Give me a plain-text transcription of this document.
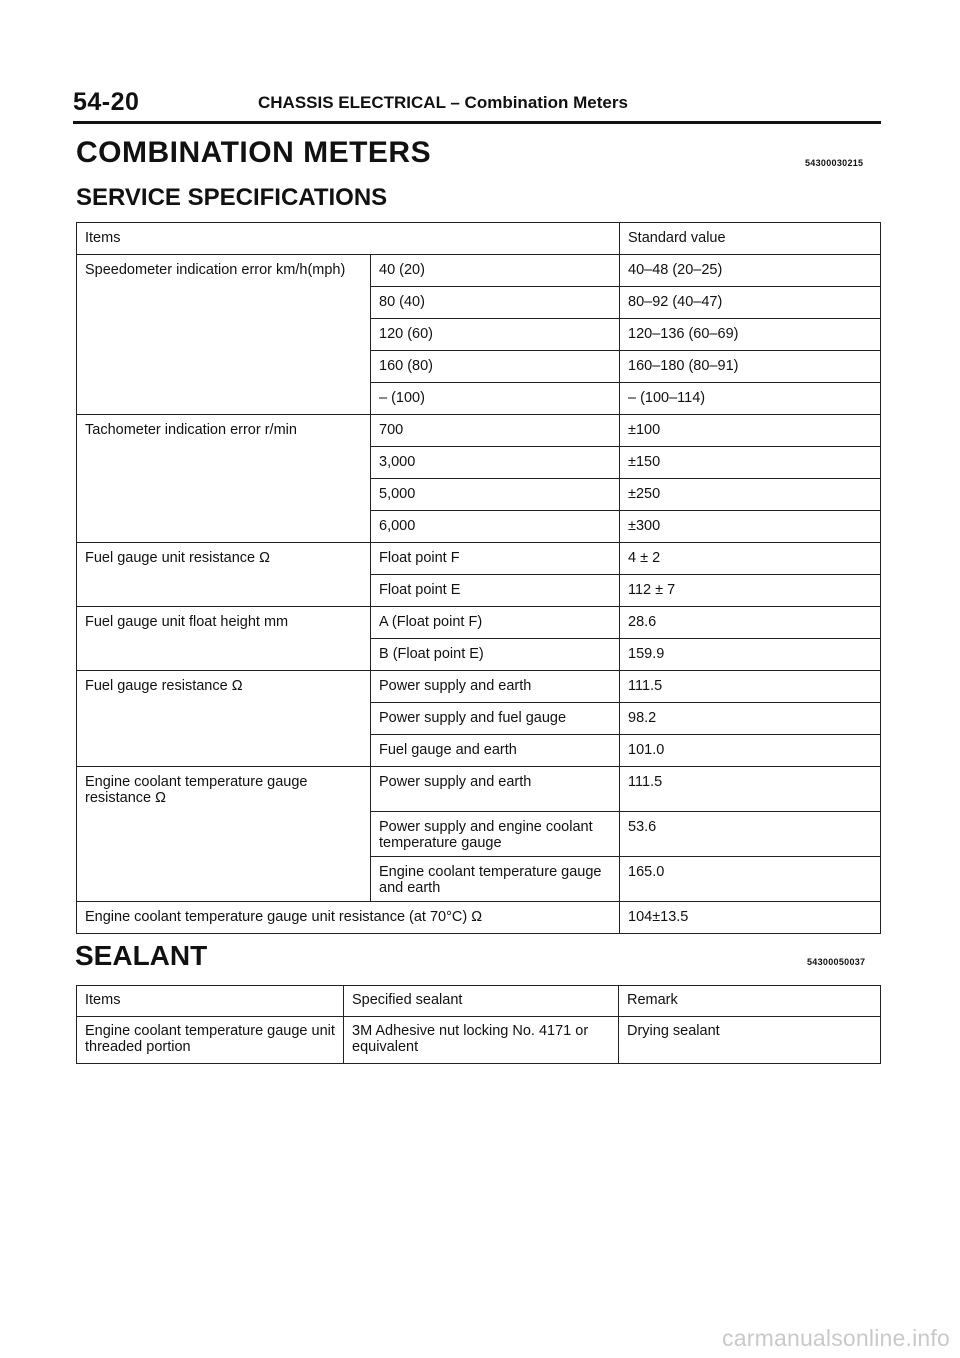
54-20	CHASSIS ELECTRICAL – Combination Meters
COMBINATION METERS	54300030215
SERVICE SPECIFICATIONS
Items		Standard value
Speedometer indication error km/h(mph)	40 (20)	40–48 (20–25)
	80 (40)	80–92 (40–47)
	120 (60)	120–136 (60–69)
	160 (80)	160–180 (80–91)
	– (100)	– (100–114)
Tachometer indication error r/min	700	±100
	3,000	±150
	5,000	±250
	6,000	±300
Fuel gauge unit resistance Ω	Float point F	4 ± 2
	Float point E	112 ± 7
Fuel gauge unit float height mm	A (Float point F)	28.6
	B (Float point E)	159.9
Fuel gauge resistance Ω	Power supply and earth	111.5
	Power supply and fuel gauge	98.2
	Fuel gauge and earth	101.0
Engine coolant temperature gauge resistance Ω	Power supply and earth	111.5
	Power supply and engine coolant temperature gauge	53.6
	Engine coolant temperature gauge and earth	165.0
Engine coolant temperature gauge unit resistance (at 70°C) Ω		104±13.5
SEALANT	54300050037
Items	Specified sealant	Remark
Engine coolant temperature gauge unit threaded portion	3M Adhesive nut locking No. 4171 or equivalent	Drying sealant
carmanualsonline.info
